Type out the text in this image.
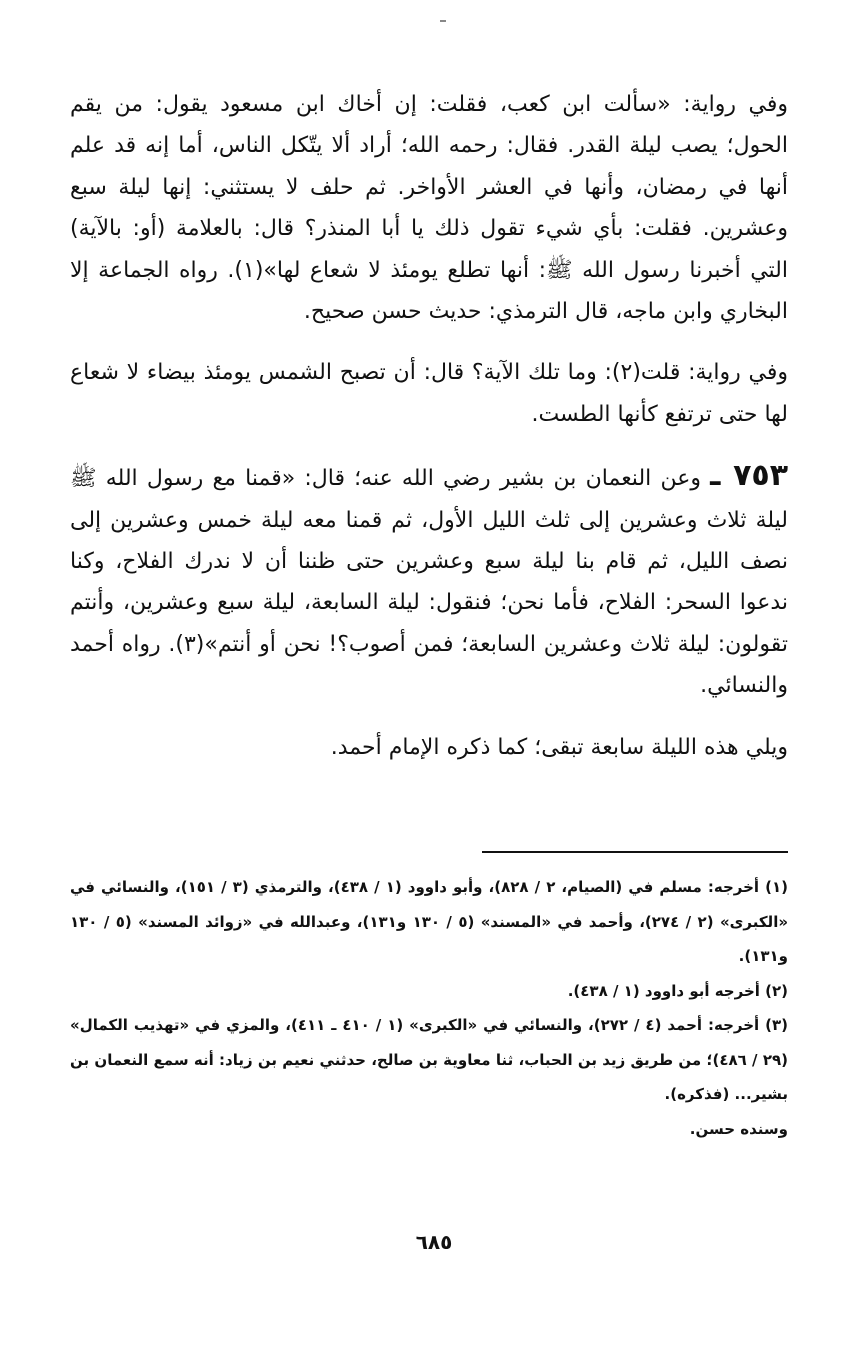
وفي رواية: «سألت ابن كعب، فقلت: إن أخاك ابن مسعود يقول: من يقم الحول؛ يصب ليلة القدر. فقال: رحمه الله؛ أراد ألا يتّكل الناس، أما إنه قد علم أنها في رمضان، وأنها في العشر الأواخر. ثم حلف لا يستثني: إنها ليلة سبع وعشرين. فقلت: بأي شيء تقول ذلك يا أبا المنذر؟ قال: بالعلامة (أو: بالآية) التي أخبرنا رسول الله ﷺ: أنها تطلع يومئذ لا شعاع لها»(١). رواه الجماعة إلا البخاري وابن ماجه، قال الترمذي: حديث حسن صحيح.

وفي رواية: قلت(٢): وما تلك الآية؟ قال: أن تصبح الشمس يومئذ بيضاء لا شعاع لها حتى ترتفع كأنها الطست.

٧٥٣ ـ وعن النعمان بن بشير رضي الله عنه؛ قال: «قمنا مع رسول الله ﷺ ليلة ثلاث وعشرين إلى ثلث الليل الأول، ثم قمنا معه ليلة خمس وعشرين إلى نصف الليل، ثم قام بنا ليلة سبع وعشرين حتى ظننا أن لا ندرك الفلاح، وكنا ندعوا السحر: الفلاح، فأما نحن؛ فنقول: ليلة السابعة، ليلة سبع وعشرين، وأنتم تقولون: ليلة ثلاث وعشرين السابعة؛ فمن أصوب؟! نحن أو أنتم»(٣). رواه أحمد والنسائي.

ويلي هذه الليلة سابعة تبقى؛ كما ذكره الإمام أحمد.

(١) أخرجه: مسلم في (الصيام، ٢ / ٨٢٨)، وأبو داوود (١ / ٤٣٨)، والترمذي (٣ / ١٥١)، والنسائي في «الكبرى» (٢ / ٢٧٤)، وأحمد في «المسند» (٥ / ١٣٠ و١٣١)، وعبدالله في «زوائد المسند» (٥ / ١٣٠ و١٣١).

(٢) أخرجه أبو داوود (١ / ٤٣٨).

(٣) أخرجه: أحمد (٤ / ٢٧٢)، والنسائي في «الكبرى» (١ / ٤١٠ ـ ٤١١)، والمزي في «تهذيب الكمال» (٢٩ / ٤٨٦)؛ من طريق زيد بن الحباب، ثنا معاوية بن صالح، حدثني نعيم بن زياد: أنه سمع النعمان بن بشير... (فذكره).

وسنده حسن.

٦٨٥
